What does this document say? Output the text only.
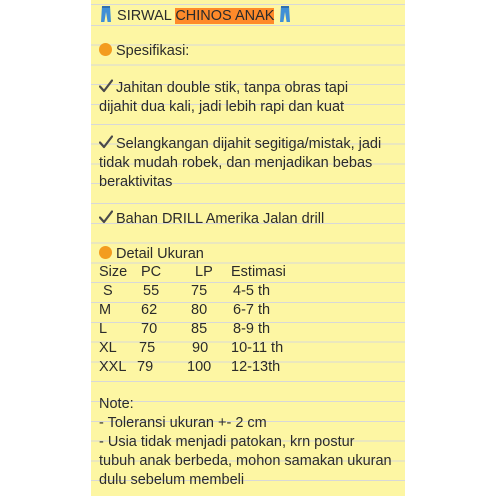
SIRWAL CHINOS ANAK
Spesifikasi:
Jahitan double stik, tanpa obras tapi
dijahit dua kali, jadi lebih rapi dan kuat
Selangkangan dijahit segitiga/mistak, jadi
tidak mudah robek, dan menjadikan bebas
beraktivitas
Bahan DRILL Amerika Jalan drill
Detail Ukuran
Size PC LP Estimasi
S 55 75 4-5 th
M 62 80 6-7 th
L 70 85 8-9 th
XL 75	90 10-11 th
XXL 79 100 12-13th
Note:
- Toleransi ukuran +- 2 cm
- Usia tidak menjadi patokan, krn postur
tubuh anak berbeda, mohon samakan ukuran
dulu sebelum membeli
